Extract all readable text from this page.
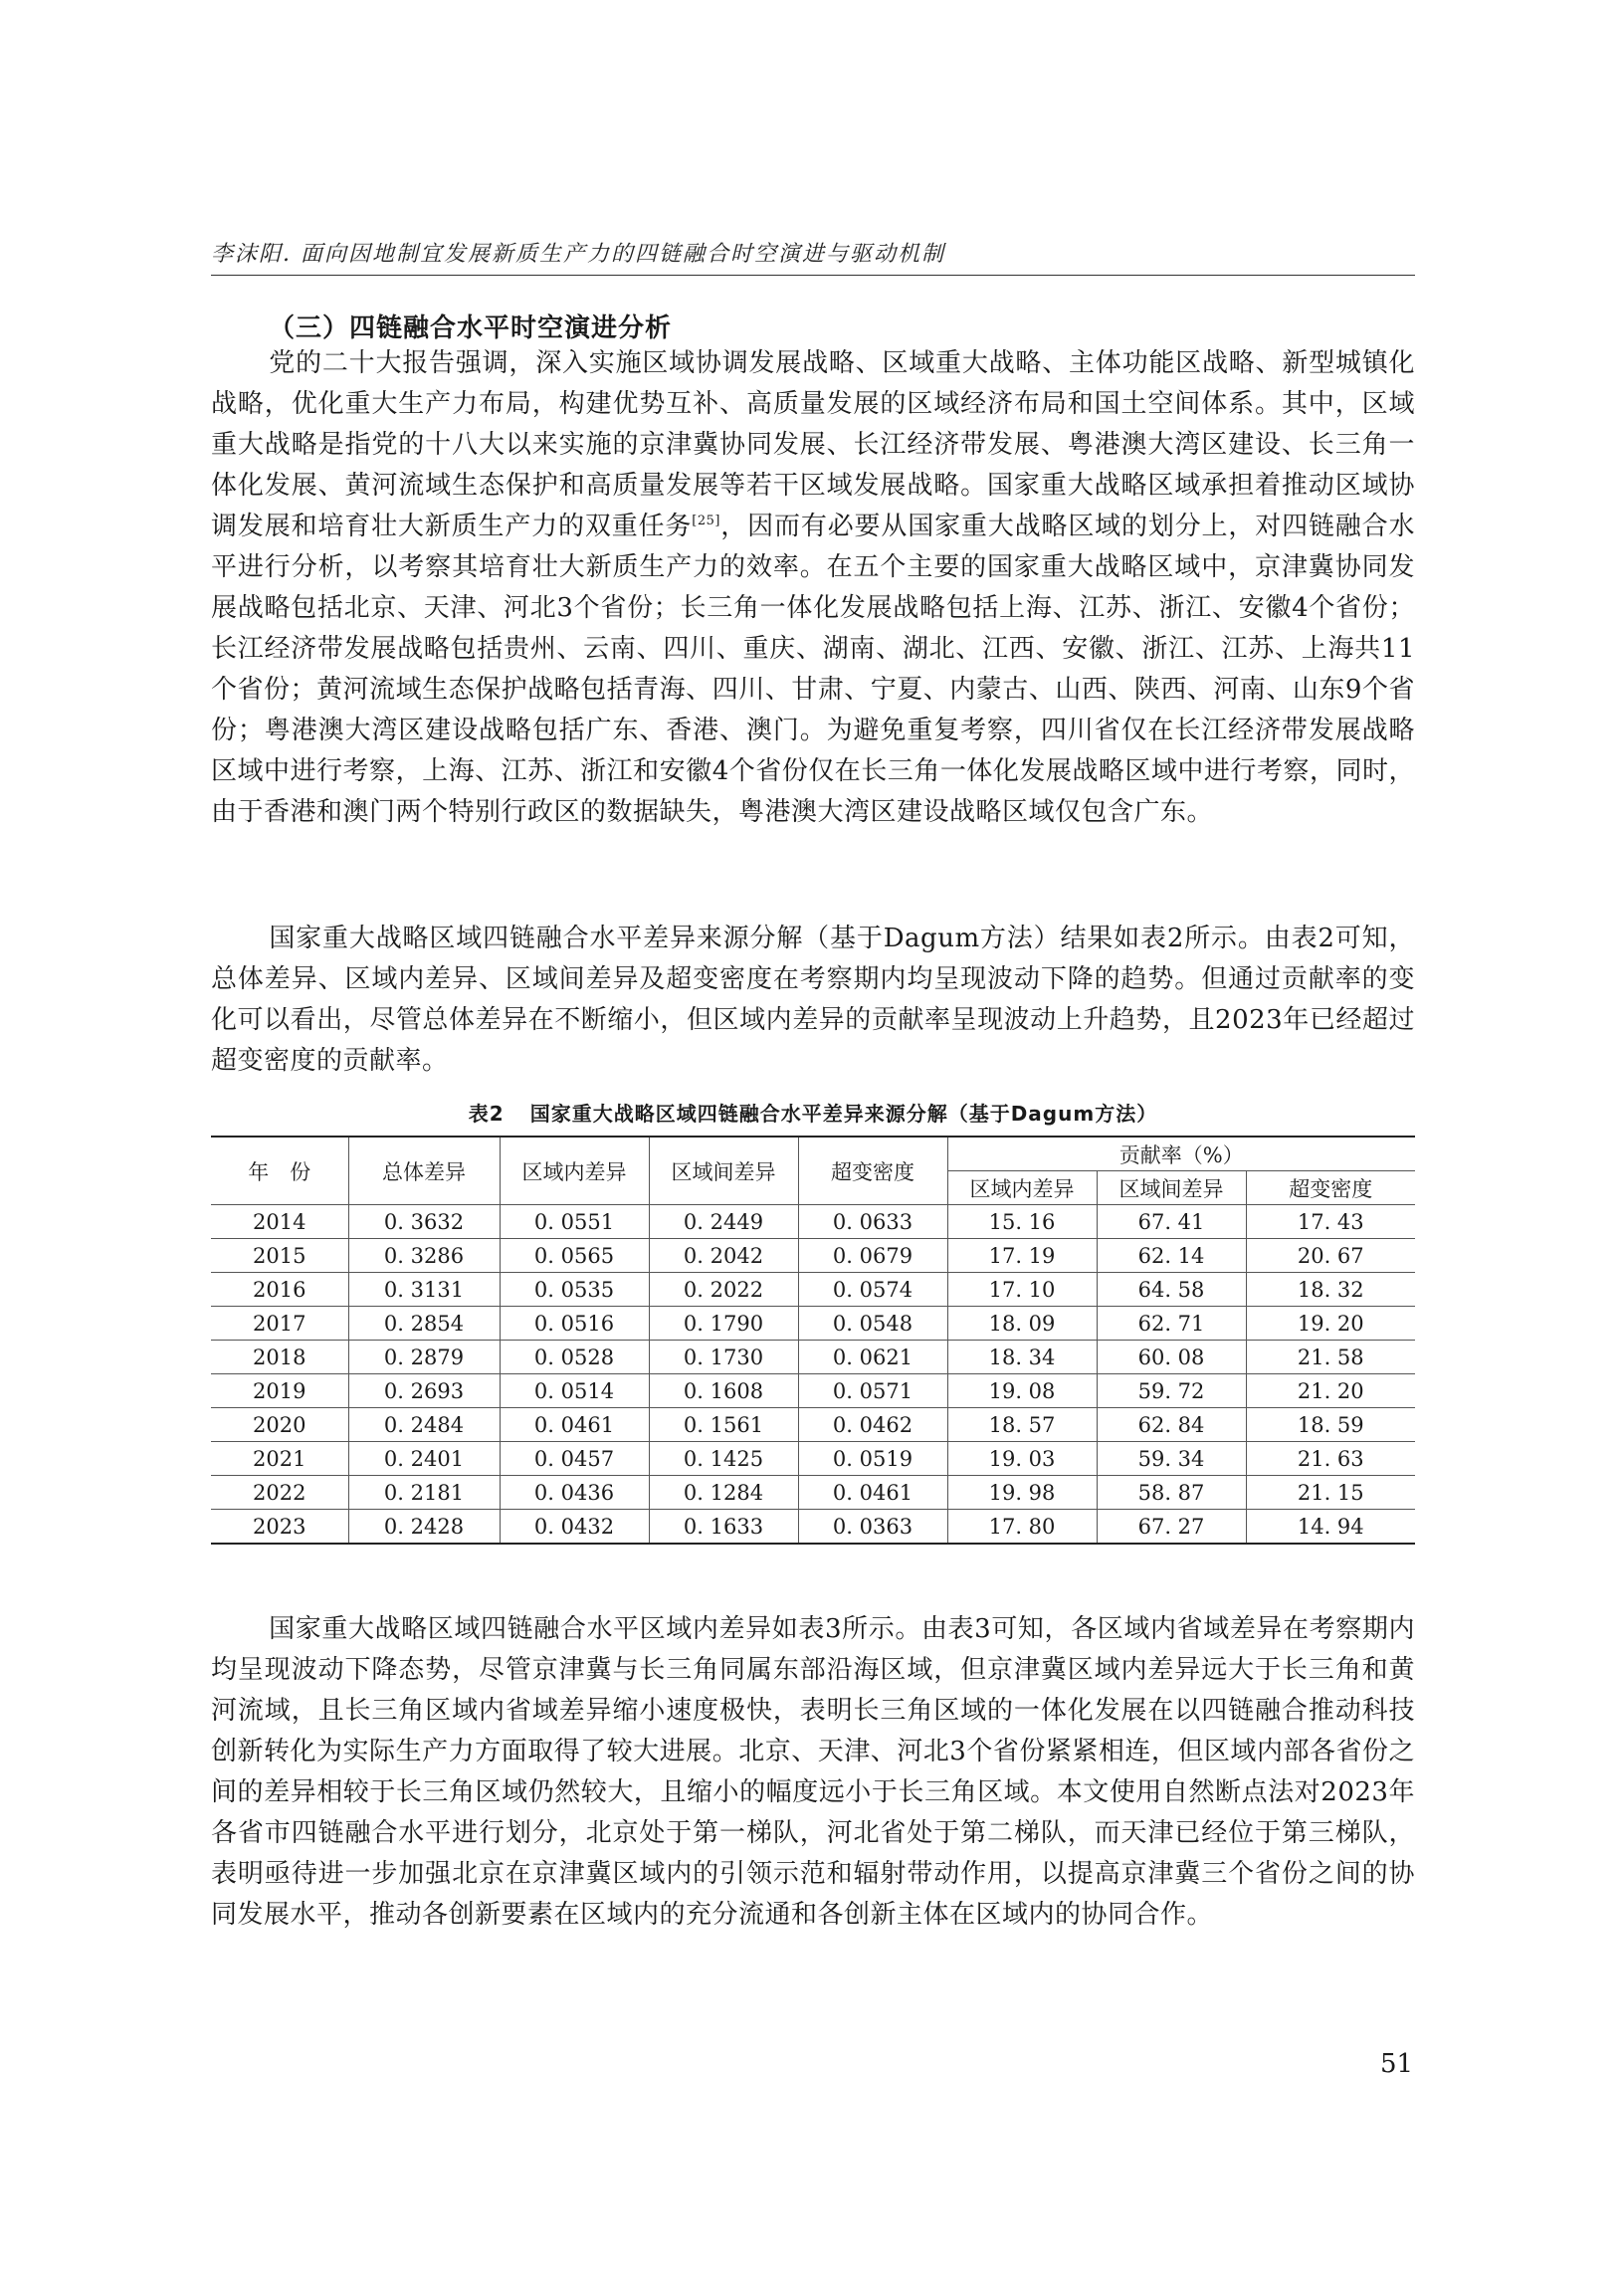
李沫阳. 面向因地制宜发展新质生产力的四链融合时空演进与驱动机制
（三）四链融合水平时空演进分析

党的二十大报告强调，深入实施区域协调发展战略、区域重大战略、主体功能区战略、新型城镇化战略，优化重大生产力布局，构建优势互补、高质量发展的区域经济布局和国土空间体系。其中，区域重大战略是指党的十八大以来实施的京津冀协同发展、长江经济带发展、粤港澳大湾区建设、长三角一体化发展、黄河流域生态保护和高质量发展等若干区域发展战略。国家重大战略区域承担着推动区域协调发展和培育壮大新质生产力的双重任务[25]，因而有必要从国家重大战略区域的划分上，对四链融合水平进行分析，以考察其培育壮大新质生产力的效率。在五个主要的国家重大战略区域中，京津冀协同发展战略包括北京、天津、河北3个省份；长三角一体化发展战略包括上海、江苏、浙江、安徽4个省份；长江经济带发展战略包括贵州、云南、四川、重庆、湖南、湖北、江西、安徽、浙江、江苏、上海共11个省份；黄河流域生态保护战略包括青海、四川、甘肃、宁夏、内蒙古、山西、陕西、河南、山东9个省份；粤港澳大湾区建设战略包括广东、香港、澳门。为避免重复考察，四川省仅在长江经济带发展战略区域中进行考察，上海、江苏、浙江和安徽4个省份仅在长三角一体化发展战略区域中进行考察，同时，由于香港和澳门两个特别行政区的数据缺失，粤港澳大湾区建设战略区域仅包含广东。

国家重大战略区域四链融合水平差异来源分解（基于Dagum方法）结果如表2所示。由表2可知，总体差异、区域内差异、区域间差异及超变密度在考察期内均呈现波动下降的趋势。但通过贡献率的变化可以看出，尽管总体差异在不断缩小，但区域内差异的贡献率呈现波动上升趋势，且2023年已经超过超变密度的贡献率。

表2 国家重大战略区域四链融合水平差异来源分解（基于Dagum方法）
年　份	总体差异	区域内差异	区域间差异	超变密度	贡献率（%）		
					区域内差异	区域间差异	超变密度
2014	0. 3632	0. 0551	0. 2449	0. 0633	15. 16	67. 41	17. 43
2015	0. 3286	0. 0565	0. 2042	0. 0679	17. 19	62. 14	20. 67
2016	0. 3131	0. 0535	0. 2022	0. 0574	17. 10	64. 58	18. 32
2017	0. 2854	0. 0516	0. 1790	0. 0548	18. 09	62. 71	19. 20
2018	0. 2879	0. 0528	0. 1730	0. 0621	18. 34	60. 08	21. 58
2019	0. 2693	0. 0514	0. 1608	0. 0571	19. 08	59. 72	21. 20
2020	0. 2484	0. 0461	0. 1561	0. 0462	18. 57	62. 84	18. 59
2021	0. 2401	0. 0457	0. 1425	0. 0519	19. 03	59. 34	21. 63
2022	0. 2181	0. 0436	0. 1284	0. 0461	19. 98	58. 87	21. 15
2023	0. 2428	0. 0432	0. 1633	0. 0363	17. 80	67. 27	14. 94

国家重大战略区域四链融合水平区域内差异如表3所示。由表3可知，各区域内省域差异在考察期内均呈现波动下降态势，尽管京津冀与长三角同属东部沿海区域，但京津冀区域内差异远大于长三角和黄河流域，且长三角区域内省域差异缩小速度极快，表明长三角区域的一体化发展在以四链融合推动科技创新转化为实际生产力方面取得了较大进展。北京、天津、河北3个省份紧紧相连，但区域内部各省份之间的差异相较于长三角区域仍然较大，且缩小的幅度远小于长三角区域。本文使用自然断点法对2023年各省市四链融合水平进行划分，北京处于第一梯队，河北省处于第二梯队，而天津已经位于第三梯队，表明亟待进一步加强北京在京津冀区域内的引领示范和辐射带动作用，以提高京津冀三个省份之间的协同发展水平，推动各创新要素在区域内的充分流通和各创新主体在区域内的协同合作。

51
